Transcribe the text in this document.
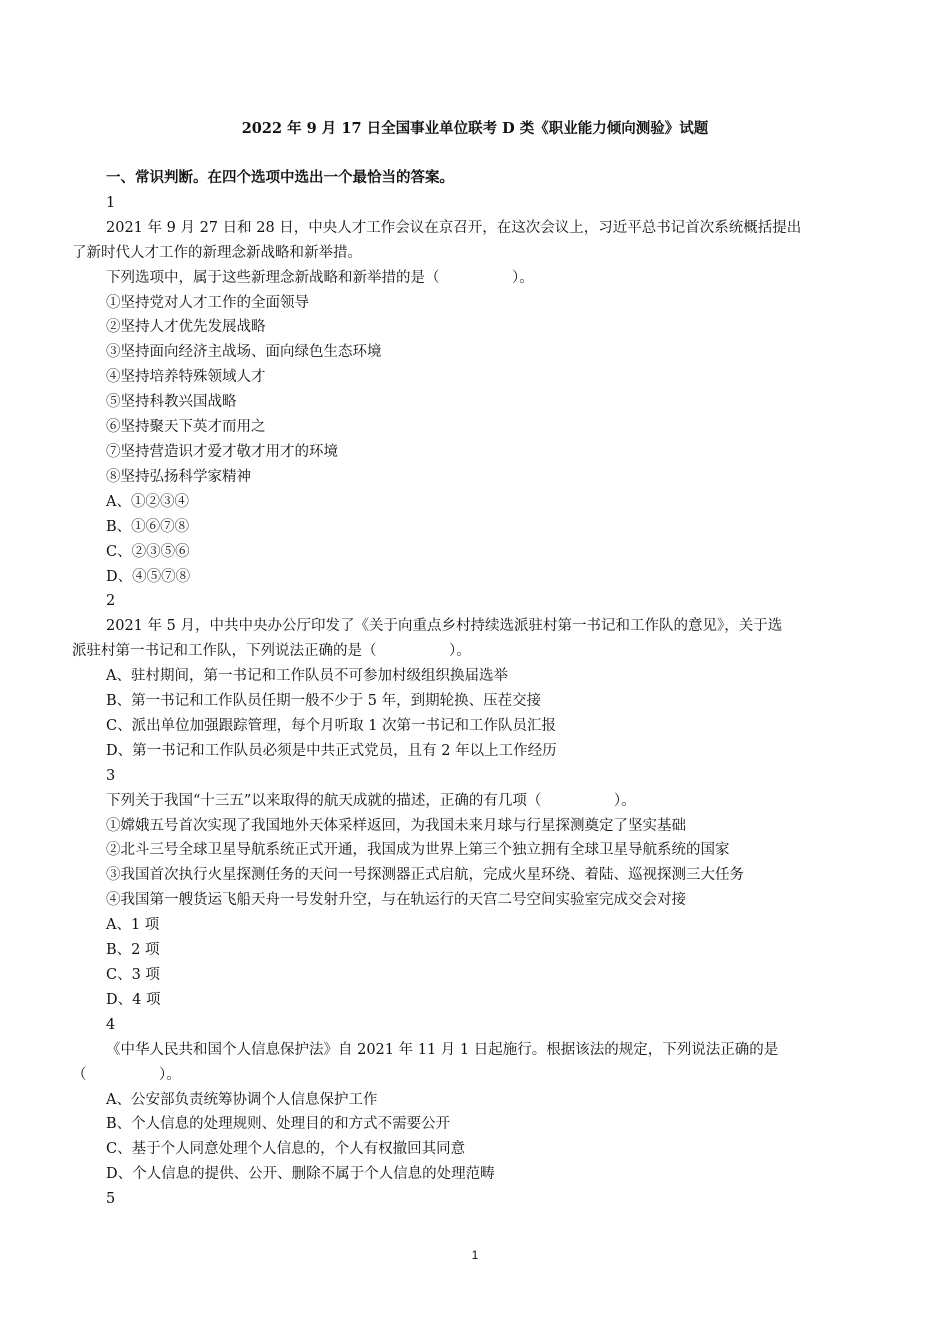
2022 年 9 月 17 日全国事业单位联考 D 类《职业能力倾向测验》试题
一、常识判断。在四个选项中选出一个最恰当的答案。
1
2021 年 9 月 27 日和 28 日，中央人才工作会议在京召开，在这次会议上，习近平总书记首次系统概括提出
了新时代人才工作的新理念新战略和新举措。
下列选项中，属于这些新理念新战略和新举措的是（　　　　　）。
①坚持党对人才工作的全面领导
②坚持人才优先发展战略
③坚持面向经济主战场、面向绿色生态环境
④坚持培养特殊领域人才
⑤坚持科教兴国战略
⑥坚持聚天下英才而用之
⑦坚持营造识才爱才敬才用才的环境
⑧坚持弘扬科学家精神
A、①②③④
B、①⑥⑦⑧
C、②③⑤⑥
D、④⑤⑦⑧
2
2021 年 5 月，中共中央办公厅印发了《关于向重点乡村持续选派驻村第一书记和工作队的意见》，关于选
派驻村第一书记和工作队，下列说法正确的是（　　　　　）。
A、驻村期间，第一书记和工作队员不可参加村级组织换届选举
B、第一书记和工作队员任期一般不少于 5 年，到期轮换、压茬交接
C、派出单位加强跟踪管理，每个月听取 1 次第一书记和工作队员汇报
D、第一书记和工作队员必须是中共正式党员，且有 2 年以上工作经历
3
下列关于我国“十三五”以来取得的航天成就的描述，正确的有几项（　　　　　）。
①嫦娥五号首次实现了我国地外天体采样返回，为我国未来月球与行星探测奠定了坚实基础
②北斗三号全球卫星导航系统正式开通，我国成为世界上第三个独立拥有全球卫星导航系统的国家
③我国首次执行火星探测任务的天问一号探测器正式启航，完成火星环绕、着陆、巡视探测三大任务
④我国第一艘货运飞船天舟一号发射升空，与在轨运行的天宫二号空间实验室完成交会对接
A、1 项
B、2 项
C、3 项
D、4 项
4
《中华人民共和国个人信息保护法》自 2021 年 11 月 1 日起施行。根据该法的规定，下列说法正确的是
（　　　　　）。
A、公安部负责统筹协调个人信息保护工作
B、个人信息的处理规则、处理目的和方式不需要公开
C、基于个人同意处理个人信息的，个人有权撤回其同意
D、个人信息的提供、公开、删除不属于个人信息的处理范畴
5
1
